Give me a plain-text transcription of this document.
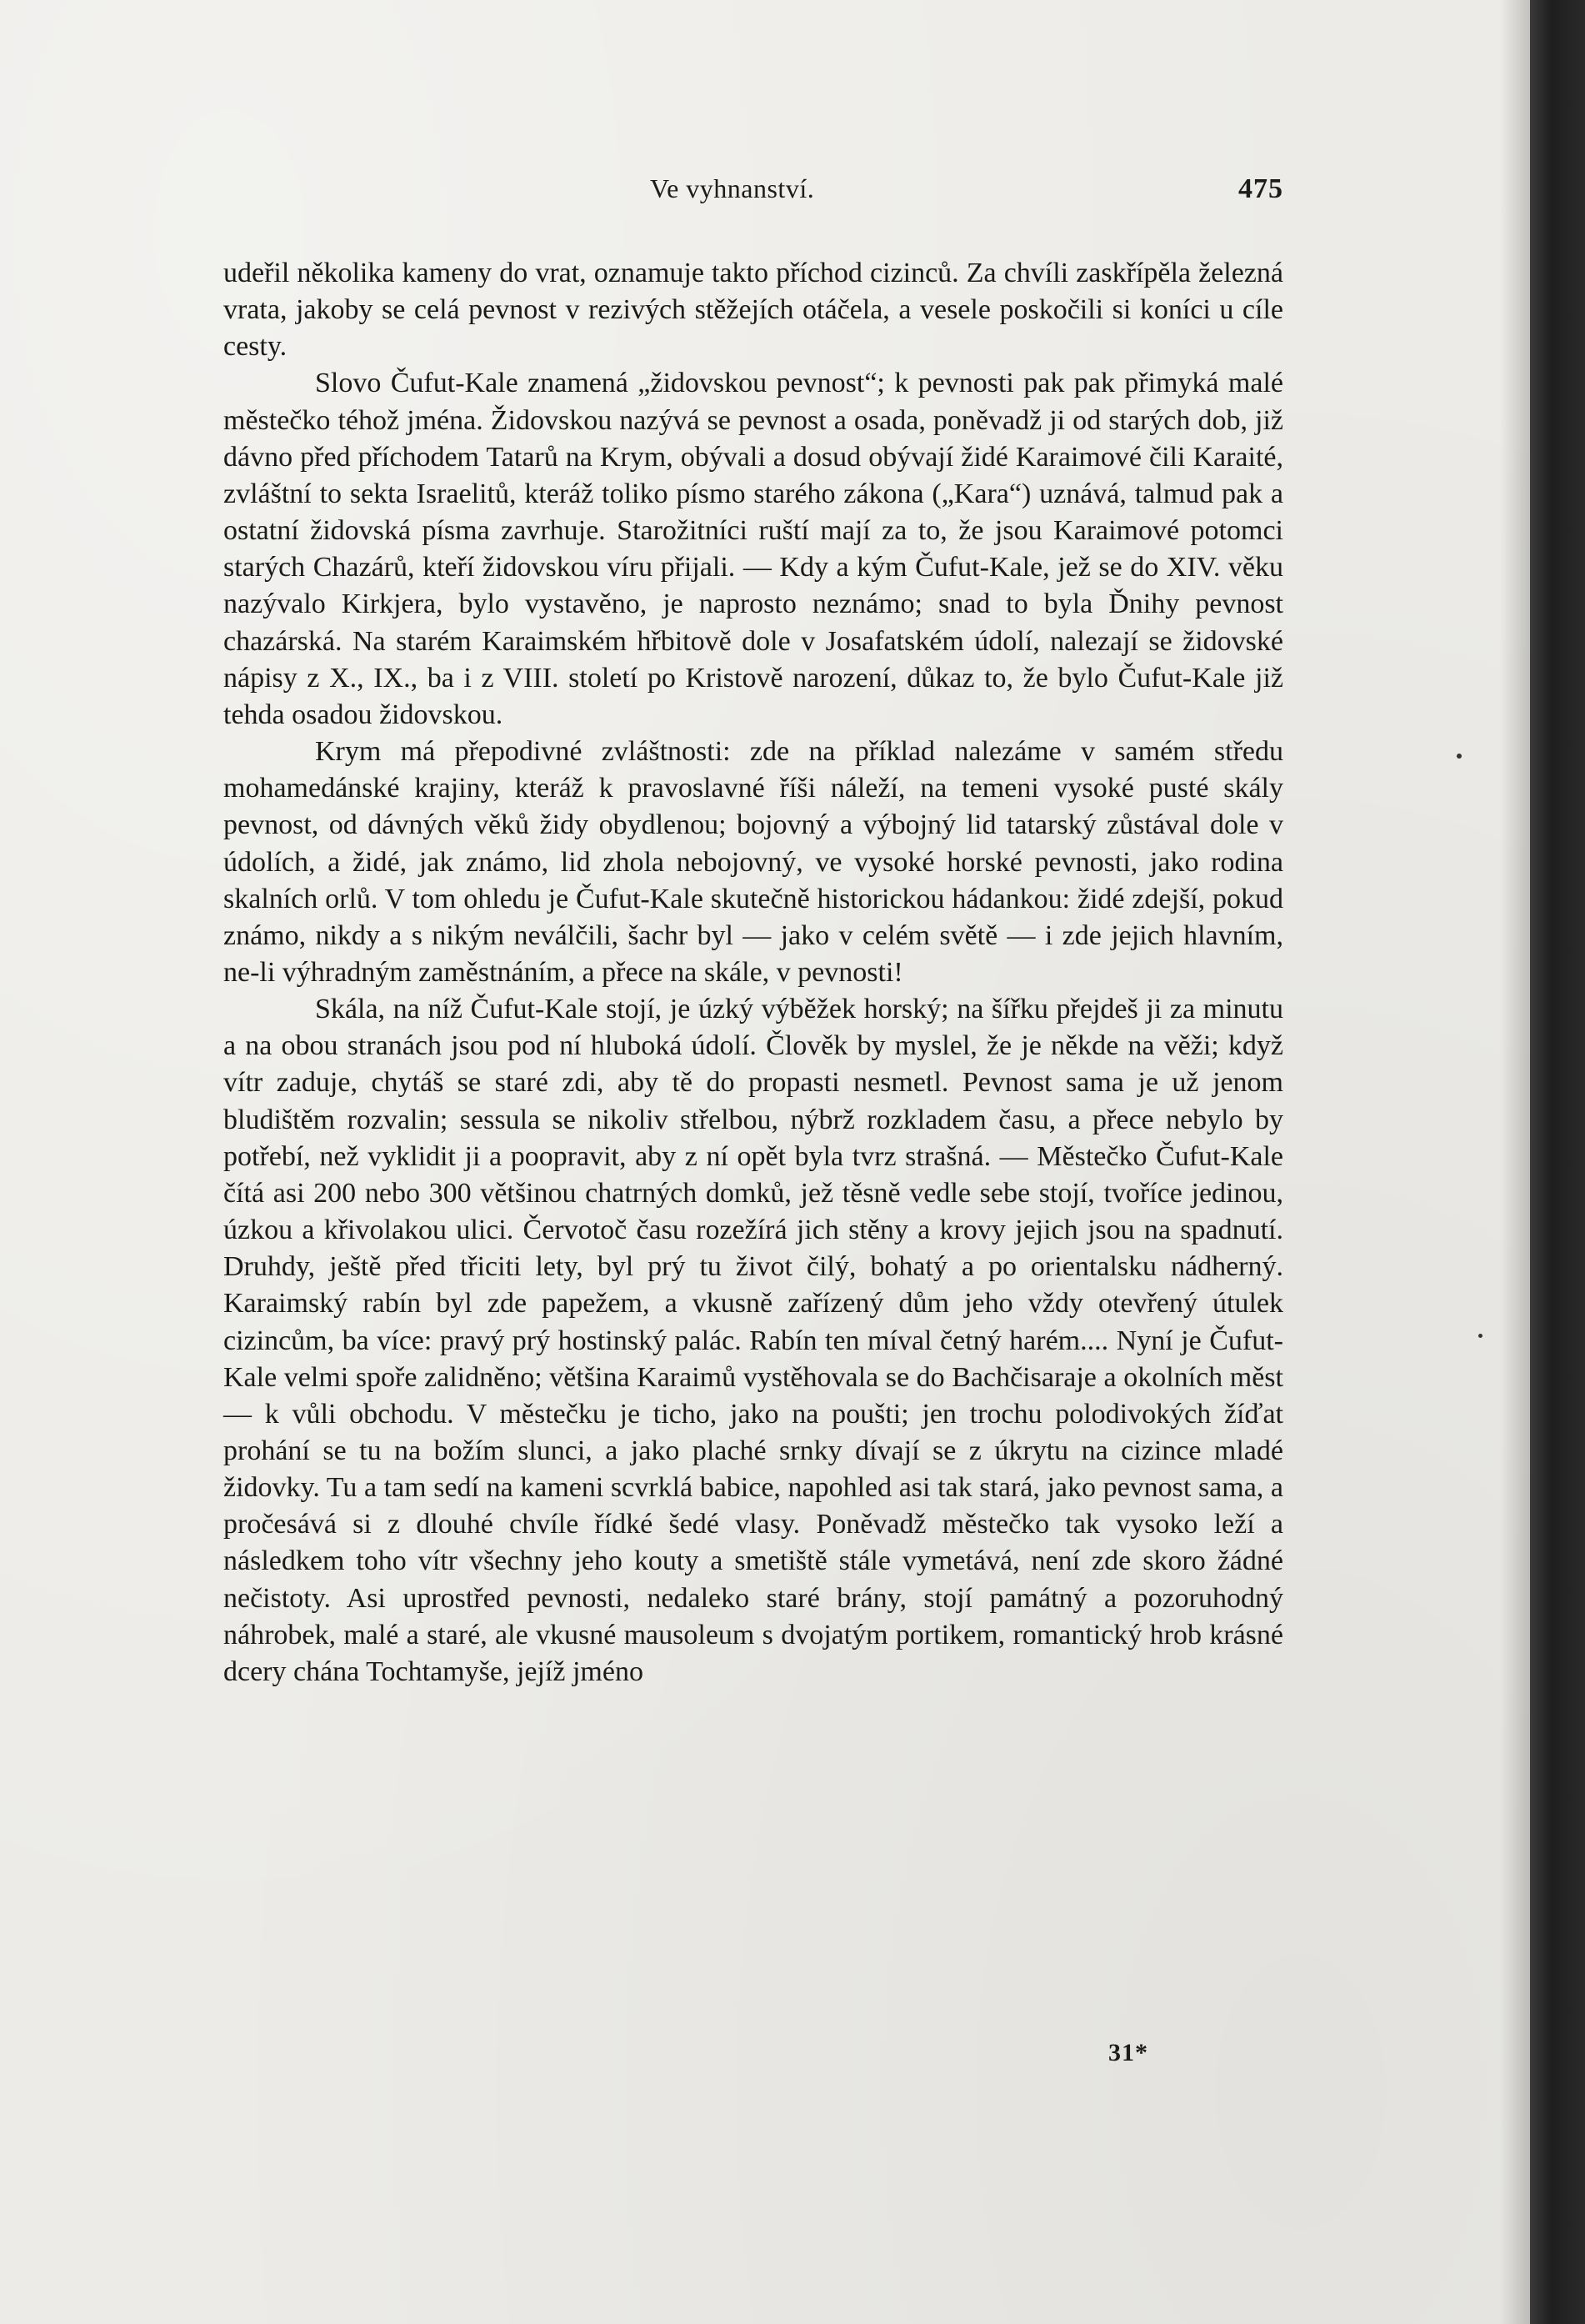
Ve vyhnanství.	475

udeřil několika kameny do vrat, oznamuje takto příchod cizinců. Za chvíli zaskřípěla železná vrata, jakoby se celá pevnost v rezivých stěžejích otáčela, a vesele poskočili si koníci u cíle cesty.

Slovo Čufut-Kale znamená „židovskou pevnost“; k pevnosti pak pak přimyká malé městečko téhož jména. Židovskou nazývá se pevnost a osada, poněvadž ji od starých dob, již dávno před příchodem Tatarů na Krym, obývali a dosud obývají židé Karaimové čili Karaité, zvláštní to sekta Israelitů, kteráž toliko písmo starého zákona („Kara“) uznává, talmud pak a ostatní židovská písma zavrhuje. Starožitníci ruští mají za to, že jsou Karaimové potomci starých Chazárů, kteří židovskou víru přijali. — Kdy a kým Čufut-Kale, jež se do XIV. věku nazývalo Kirkjera, bylo vystavěno, je naprosto neznámo; snad to byla Ďnihy pevnost chazárská. Na starém Karaimském hřbitově dole v Josafatském údolí, nalezají se židovské nápisy z X., IX., ba i z VIII. století po Kristově narození, důkaz to, že bylo Čufut-Kale již tehda osadou židovskou.

Krym má přepodivné zvláštnosti: zde na příklad nalezáme v samém středu mohamedánské krajiny, kteráž k pravoslavné říši náleží, na temeni vysoké pusté skály pevnost, od dávných věků židy obydlenou; bojovný a výbojný lid tatarský zůstával dole v údolích, a židé, jak známo, lid zhola nebojovný, ve vysoké horské pevnosti, jako rodina skalních orlů. V tom ohledu je Čufut-Kale skutečně historickou hádankou: židé zdejší, pokud známo, nikdy a s nikým neválčili, šachr byl — jako v celém světě — i zde jejich hlavním, ne-li výhradným zaměstnáním, a přece na skále, v pevnosti!

Skála, na níž Čufut-Kale stojí, je úzký výběžek horský; na šířku přejdeš ji za minutu a na obou stranách jsou pod ní hluboká údolí. Člověk by myslel, že je někde na věži; když vítr zaduje, chytáš se staré zdi, aby tě do propasti nesmetl. Pevnost sama je už jenom bludištěm rozvalin; sessula se nikoliv střelbou, nýbrž rozkladem času, a přece nebylo by potřebí, než vyklidit ji a poopravit, aby z ní opět byla tvrz strašná. — Městečko Čufut-Kale čítá asi 200 nebo 300 většinou chatrných domků, jež těsně vedle sebe stojí, tvoříce jedinou, úzkou a křivolakou ulici. Červotoč času rozežírá jich stěny a krovy jejich jsou na spadnutí. Druhdy, ještě před třiciti lety, byl prý tu život čilý, bohatý a po orientalsku nádherný. Karaimský rabín byl zde papežem, a vkusně zařízený dům jeho vždy otevřený útulek cizincům, ba více: pravý prý hostinský palác. Rabín ten míval četný harém.... Nyní je Čufut-Kale velmi spoře zalidněno; většina Karaimů vystěhovala se do Bachčisaraje a okolních měst — k vůli obchodu. V městečku je ticho, jako na poušti; jen trochu polodivokých žíďat prohání se tu na božím slunci, a jako plaché srnky dívají se z úkrytu na cizince mladé židovky. Tu a tam sedí na kameni scvrklá babice, napohled asi tak stará, jako pevnost sama, a pročesává si z dlouhé chvíle řídké šedé vlasy. Poněvadž městečko tak vysoko leží a následkem toho vítr všechny jeho kouty a smetiště stále vymetává, není zde skoro žádné nečistoty. Asi uprostřed pevnosti, nedaleko staré brány, stojí památný a pozoruhodný náhrobek, malé a staré, ale vkusné mausoleum s dvojatým portikem, romantický hrob krásné dcery chána Tochtamyše, jejíž jméno

31*
